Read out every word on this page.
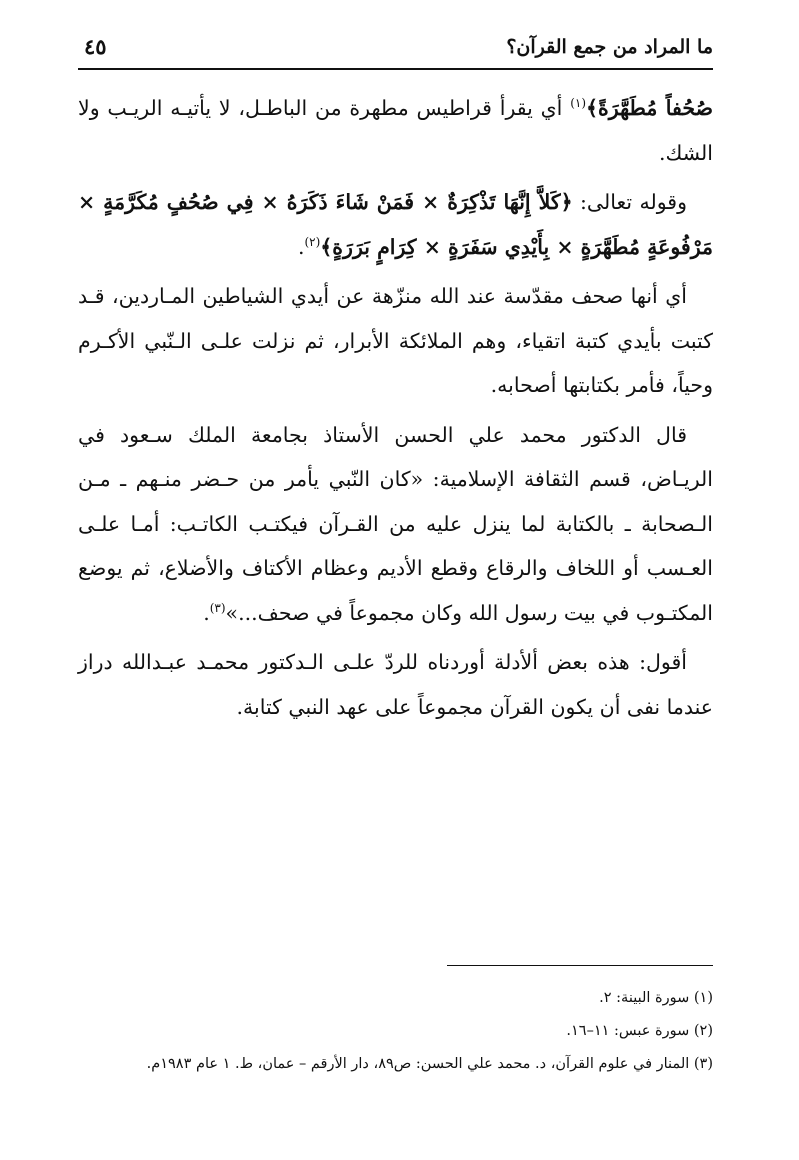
ما المراد من جمع القرآن؟
٤٥

صُحُفاً مُطَهَّرَةً﴾$^{(١)}$ أي يقرأ قراطيس مطهرة من الباطـل، لا يأتيـه الريـب ولا الشك.

وقوله تعالى: ﴿كَلاَّ إِنَّهَا تَذْكِرَةٌ × فَمَنْ شَاءَ ذَكَرَهُ × فِي صُحُفٍ مُكَرَّمَةٍ × مَرْفُوعَةٍ مُطَهَّرَةٍ × بِأَيْدِي سَفَرَةٍ × كِرَامٍ بَرَرَةٍ﴾$^{(٢)}$.

أي أنها صحف مقدّسة عند الله منزّهة عن أيدي الشياطين المـاردين، قـد كتبت بأيدي كتبة اتقياء، وهم الملائكة الأبرار، ثم نزلت علـى الـنّبي الأكـرم وحياً، فأمر بكتابتها أصحابه.

قال الدكتور محمد علي الحسن الأستاذ بجامعة الملك سـعود في الريـاض، قسم الثقافة الإسلامية: «كان النّبي يأمر من حـضر منـهم ـ مـن الـصحابة ـ بالكتابة لما ينزل عليه من القـرآن فيكتـب الكاتـب: أمـا علـى العـسب أو اللخاف والرقاع وقطع الأديم وعظام الأكتاف والأضلاع، ثم يوضع المكتـوب في بيت رسول الله وكان مجموعاً في صحف...»$^{(٣)}$.

أقول: هذه بعض ألأدلة أوردناه للردّ علـى الـدكتور محمـد عبـدالله دراز عندما نفى أن يكون القرآن مجموعاً على عهد النبي كتابة.

(١) سورة البينة: ٢.

(٢) سورة عبس: ١١–١٦.

(٣) المنار في علوم القرآن، د. محمد علي الحسن: ص٨٩، دار الأرقم – عمان، ط. ١ عام ١٩٨٣م.
